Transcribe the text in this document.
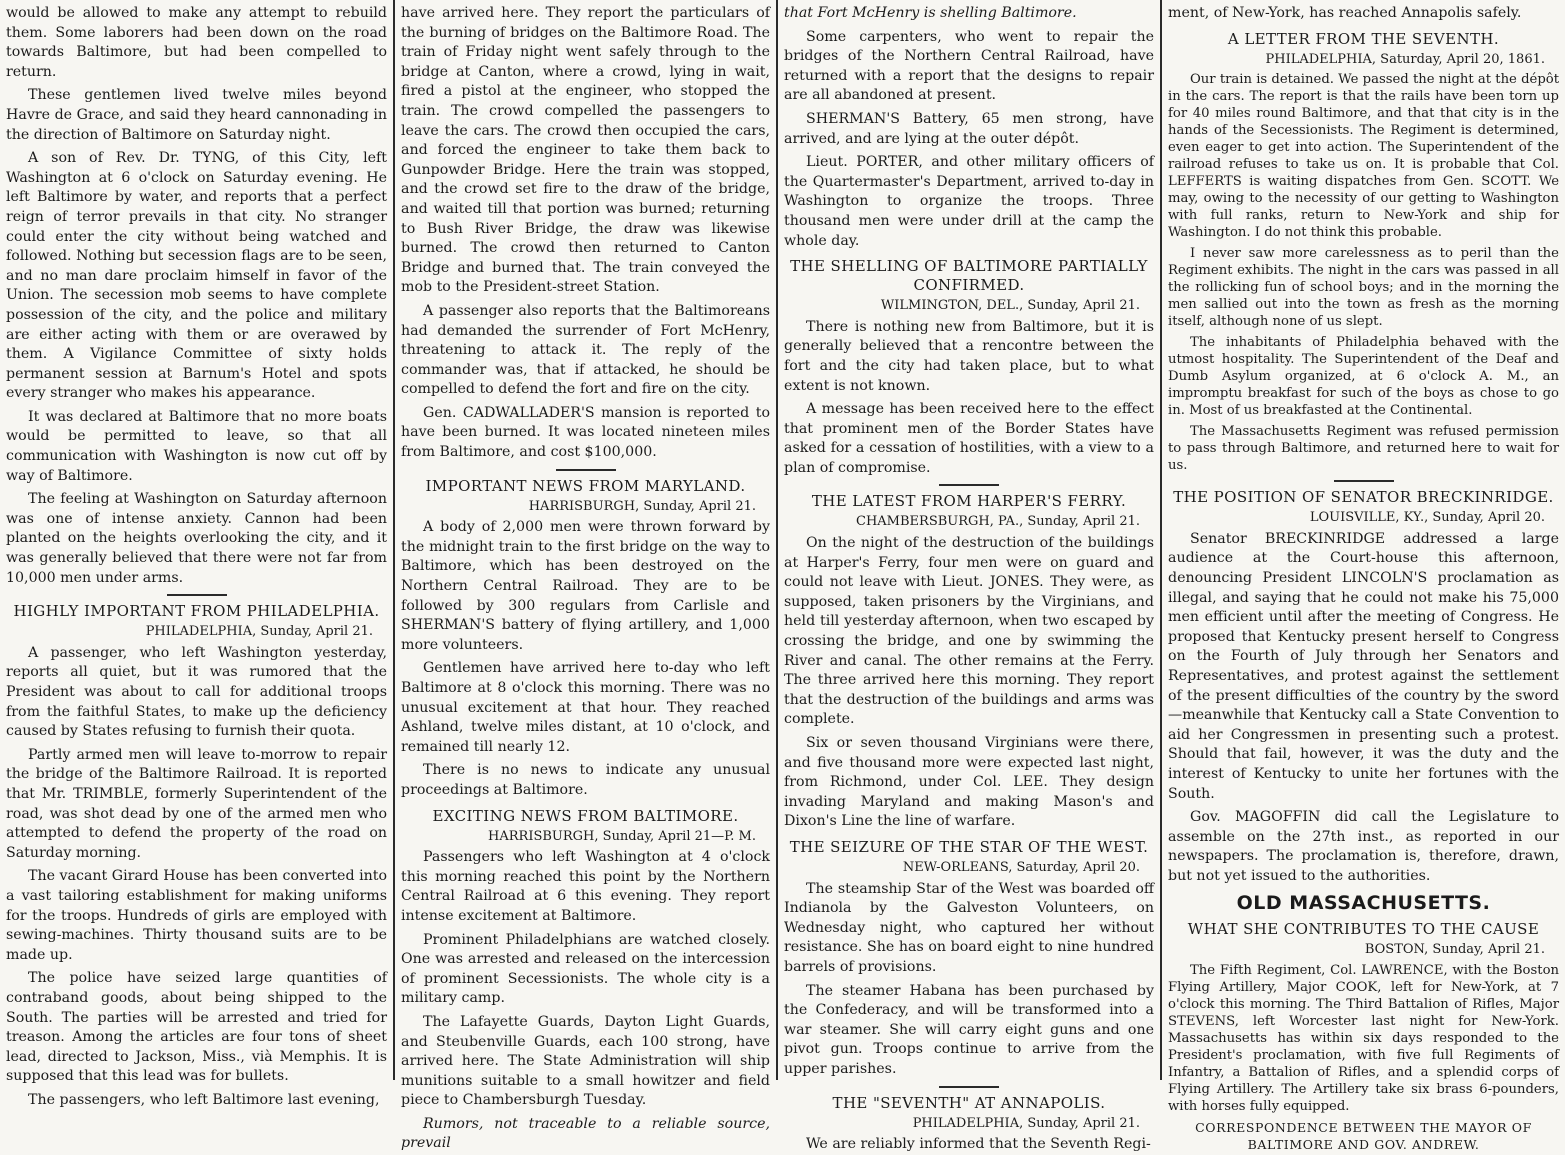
would be allowed to make any attempt to rebuild them. Some laborers had been down on the road towards Baltimore, but had been compelled to return.

These gentlemen lived twelve miles beyond Havre de Grace, and said they heard cannonading in the direction of Baltimore on Saturday night.

A son of Rev. Dr. TYNG, of this City, left Washington at 6 o'clock on Saturday evening. He left Baltimore by water, and reports that a perfect reign of terror prevails in that city. No stranger could enter the city without being watched and followed. Nothing but secession flags are to be seen, and no man dare proclaim himself in favor of the Union. The secession mob seems to have complete possession of the city, and the police and military are either acting with them or are overawed by them. A Vigilance Committee of sixty holds permanent session at Barnum's Hotel and spots every stranger who makes his appearance.

It was declared at Baltimore that no more boats would be permitted to leave, so that all communication with Washington is now cut off by way of Baltimore.

The feeling at Washington on Saturday afternoon was one of intense anxiety. Cannon had been planted on the heights overlooking the city, and it was generally believed that there were not far from 10,000 men under arms.

HIGHLY IMPORTANT FROM PHILADELPHIA.
PHILADELPHIA, Sunday, April 21.

A passenger, who left Washington yesterday, reports all quiet, but it was rumored that the President was about to call for additional troops from the faithful States, to make up the deficiency caused by States refusing to furnish their quota.

Partly armed men will leave to-morrow to repair the bridge of the Baltimore Railroad. It is reported that Mr. TRIMBLE, formerly Superintendent of the road, was shot dead by one of the armed men who attempted to defend the property of the road on Saturday morning.

The vacant Girard House has been converted into a vast tailoring establishment for making uniforms for the troops. Hundreds of girls are employed with sewing-machines. Thirty thousand suits are to be made up.

The police have seized large quantities of contraband goods, about being shipped to the South. The parties will be arrested and tried for treason. Among the articles are four tons of sheet lead, directed to Jackson, Miss., vià Memphis. It is supposed that this lead was for bullets.

The passengers, who left Baltimore last evening,

have arrived here. They report the particulars of the burning of bridges on the Baltimore Road. The train of Friday night went safely through to the bridge at Canton, where a crowd, lying in wait, fired a pistol at the engineer, who stopped the train. The crowd compelled the passengers to leave the cars. The crowd then occupied the cars, and forced the engineer to take them back to Gunpowder Bridge. Here the train was stopped, and the crowd set fire to the draw of the bridge, and waited till that portion was burned; returning to Bush River Bridge, the draw was likewise burned. The crowd then returned to Canton Bridge and burned that. The train conveyed the mob to the President-street Station.

A passenger also reports that the Baltimoreans had demanded the surrender of Fort McHenry, threatening to attack it. The reply of the commander was, that if attacked, he should be compelled to defend the fort and fire on the city.

Gen. CADWALLADER'S mansion is reported to have been burned. It was located nineteen miles from Baltimore, and cost $100,000.

IMPORTANT NEWS FROM MARYLAND.
HARRISBURGH, Sunday, April 21.

A body of 2,000 men were thrown forward by the midnight train to the first bridge on the way to Baltimore, which has been destroyed on the Northern Central Railroad. They are to be followed by 300 regulars from Carlisle and SHERMAN'S battery of flying artillery, and 1,000 more volunteers.

Gentlemen have arrived here to-day who left Baltimore at 8 o'clock this morning. There was no unusual excitement at that hour. They reached Ashland, twelve miles distant, at 10 o'clock, and remained till nearly 12.

There is no news to indicate any unusual proceedings at Baltimore.

EXCITING NEWS FROM BALTIMORE.
HARRISBURGH, Sunday, April 21—P. M.

Passengers who left Washington at 4 o'clock this morning reached this point by the Northern Central Railroad at 6 this evening. They report intense excitement at Baltimore.

Prominent Philadelphians are watched closely. One was arrested and released on the intercession of prominent Secessionists. The whole city is a military camp.

The Lafayette Guards, Dayton Light Guards, and Steubenville Guards, each 100 strong, have arrived here. The State Administration will ship munitions suitable to a small howitzer and field piece to Chambersburgh Tuesday.

Rumors, not traceable to a reliable source, prevail

that Fort McHenry is shelling Baltimore.

Some carpenters, who went to repair the bridges of the Northern Central Railroad, have returned with a report that the designs to repair are all abandoned at present.

SHERMAN'S Battery, 65 men strong, have arrived, and are lying at the outer dépôt.

Lieut. PORTER, and other military officers of the Quartermaster's Department, arrived to-day in Washington to organize the troops. Three thousand men were under drill at the camp the whole day.

THE SHELLING OF BALTIMORE PARTIALLY CONFIRMED.
WILMINGTON, DEL., Sunday, April 21.

There is nothing new from Baltimore, but it is generally believed that a rencontre between the fort and the city had taken place, but to what extent is not known.

A message has been received here to the effect that prominent men of the Border States have asked for a cessation of hostilities, with a view to a plan of compromise.

THE LATEST FROM HARPER'S FERRY.
CHAMBERSBURGH, PA., Sunday, April 21.

On the night of the destruction of the buildings at Harper's Ferry, four men were on guard and could not leave with Lieut. JONES. They were, as supposed, taken prisoners by the Virginians, and held till yesterday afternoon, when two escaped by crossing the bridge, and one by swimming the River and canal. The other remains at the Ferry. The three arrived here this morning. They report that the destruction of the buildings and arms was complete.

Six or seven thousand Virginians were there, and five thousand more were expected last night, from Richmond, under Col. LEE. They design invading Maryland and making Mason's and Dixon's Line the line of warfare.

THE SEIZURE OF THE STAR OF THE WEST.
NEW-ORLEANS, Saturday, April 20.

The steamship Star of the West was boarded off Indianola by the Galveston Volunteers, on Wednesday night, who captured her without resistance. She has on board eight to nine hundred barrels of provisions.

The steamer Habana has been purchased by the Confederacy, and will be transformed into a war steamer. She will carry eight guns and one pivot gun. Troops continue to arrive from the upper parishes.

THE "SEVENTH" AT ANNAPOLIS.
PHILADELPHIA, Sunday, April 21.

We are reliably informed that the Seventh Regi-

ment, of New-York, has reached Annapolis safely.

A LETTER FROM THE SEVENTH.
PHILADELPHIA, Saturday, April 20, 1861.

Our train is detained. We passed the night at the dépôt in the cars. The report is that the rails have been torn up for 40 miles round Baltimore, and that that city is in the hands of the Secessionists. The Regiment is determined, even eager to get into action. The Superintendent of the railroad refuses to take us on. It is probable that Col. LEFFERTS is waiting dispatches from Gen. SCOTT. We may, owing to the necessity of our getting to Washington with full ranks, return to New-York and ship for Washington. I do not think this probable.

I never saw more carelessness as to peril than the Regiment exhibits. The night in the cars was passed in all the rollicking fun of school boys; and in the morning the men sallied out into the town as fresh as the morning itself, although none of us slept.

The inhabitants of Philadelphia behaved with the utmost hospitality. The Superintendent of the Deaf and Dumb Asylum organized, at 6 o'clock A. M., an impromptu breakfast for such of the boys as chose to go in. Most of us breakfasted at the Continental.

The Massachusetts Regiment was refused permission to pass through Baltimore, and returned here to wait for us.

THE POSITION OF SENATOR BRECKINRIDGE.
LOUISVILLE, KY., Sunday, April 20.

Senator BRECKINRIDGE addressed a large audience at the Court-house this afternoon, denouncing President LINCOLN'S proclamation as illegal, and saying that he could not make his 75,000 men efficient until after the meeting of Congress. He proposed that Kentucky present herself to Congress on the Fourth of July through her Senators and Representatives, and protest against the settlement of the present difficulties of the country by the sword—meanwhile that Kentucky call a State Convention to aid her Congressmen in presenting such a protest. Should that fail, however, it was the duty and the interest of Kentucky to unite her fortunes with the South.

Gov. MAGOFFIN did call the Legislature to assemble on the 27th inst., as reported in our newspapers. The proclamation is, therefore, drawn, but not yet issued to the authorities.

OLD MASSACHUSETTS.
WHAT SHE CONTRIBUTES TO THE CAUSE
BOSTON, Sunday, April 21.

The Fifth Regiment, Col. LAWRENCE, with the Boston Flying Artillery, Major COOK, left for New-York, at 7 o'clock this morning. The Third Battalion of Rifles, Major STEVENS, left Worcester last night for New-York. Massachusetts has within six days responded to the President's proclamation, with five full Regiments of Infantry, a Battalion of Rifles, and a splendid corps of Flying Artillery. The Artillery take six brass 6-pounders, with horses fully equipped.

CORRESPONDENCE BETWEEN THE MAYOR OF BALTIMORE AND GOV. ANDREW.
